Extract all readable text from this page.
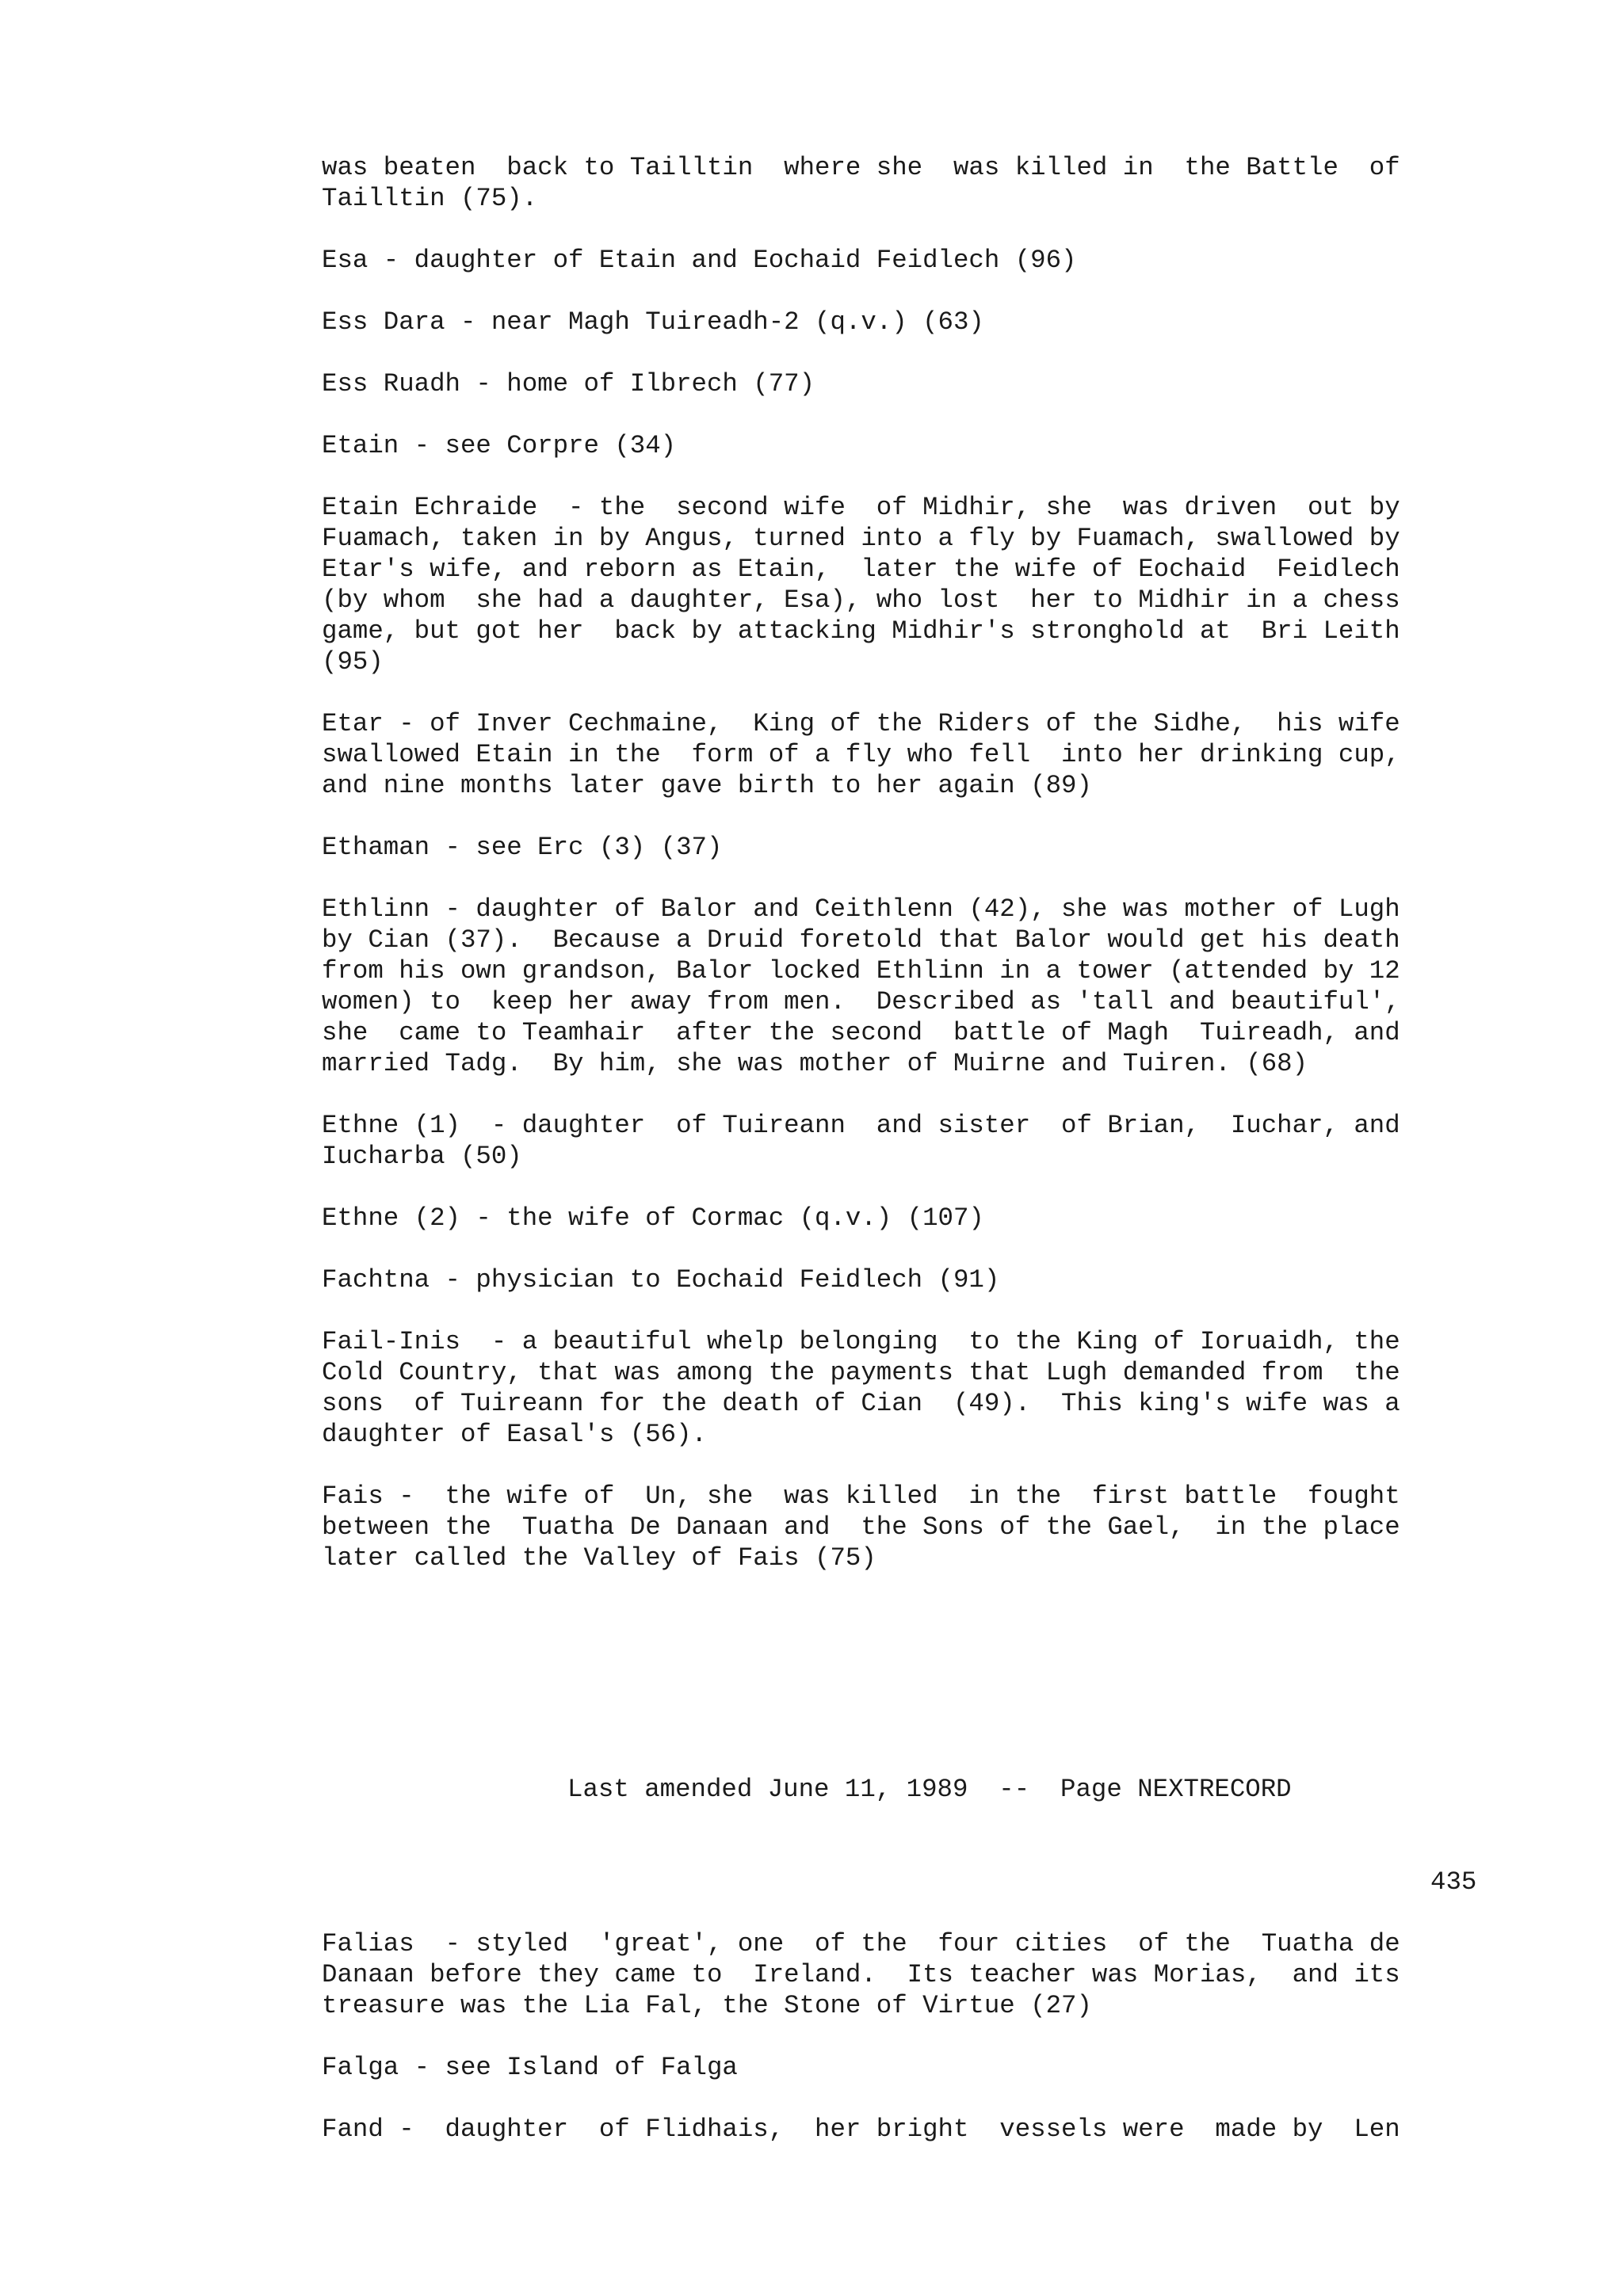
was beaten  back to Tailltin  where she  was killed in  the Battle  of
Tailltin (75).
Esa - daughter of Etain and Eochaid Feidlech (96)
Ess Dara - near Magh Tuireadh-2 (q.v.) (63)
Ess Ruadh - home of Ilbrech (77)
Etain - see Corpre (34)
Etain Echraide  - the  second wife  of Midhir, she  was driven  out by
Fuamach, taken in by Angus, turned into a fly by Fuamach, swallowed by
Etar's wife, and reborn as Etain,  later the wife of Eochaid  Feidlech
(by whom  she had a daughter, Esa), who lost  her to Midhir in a chess
game, but got her  back by attacking Midhir's stronghold at  Bri Leith
(95)
Etar - of Inver Cechmaine,  King of the Riders of the Sidhe,  his wife
swallowed Etain in the  form of a fly who fell  into her drinking cup,
and nine months later gave birth to her again (89)
Ethaman - see Erc (3) (37)
Ethlinn - daughter of Balor and Ceithlenn (42), she was mother of Lugh
by Cian (37).  Because a Druid foretold that Balor would get his death
from his own grandson, Balor locked Ethlinn in a tower (attended by 12
women) to  keep her away from men.  Described as 'tall and beautiful',
she  came to Teamhair  after the second  battle of Magh  Tuireadh, and
married Tadg.  By him, she was mother of Muirne and Tuiren. (68)
Ethne (1)  - daughter  of Tuireann  and sister  of Brian,  Iuchar, and
Iucharba (50)
Ethne (2) - the wife of Cormac (q.v.) (107)
Fachtna - physician to Eochaid Feidlech (91)
Fail-Inis  - a beautiful whelp belonging  to the King of Ioruaidh, the
Cold Country, that was among the payments that Lugh demanded from  the
sons  of Tuireann for the death of Cian  (49).  This king's wife was a
daughter of Easal's (56).
Fais -  the wife of  Un, she  was killed  in the  first battle  fought
between the  Tuatha De Danaan and  the Sons of the Gael,  in the place
later called the Valley of Fais (75)
Last amended June 11, 1989  --  Page NEXTRECORD
435
Falias  - styled  'great', one  of the  four cities  of the  Tuatha de
Danaan before they came to  Ireland.  Its teacher was Morias,  and its
treasure was the Lia Fal, the Stone of Virtue (27)
Falga - see Island of Falga
Fand -  daughter  of Flidhais,  her bright  vessels were  made by  Len
